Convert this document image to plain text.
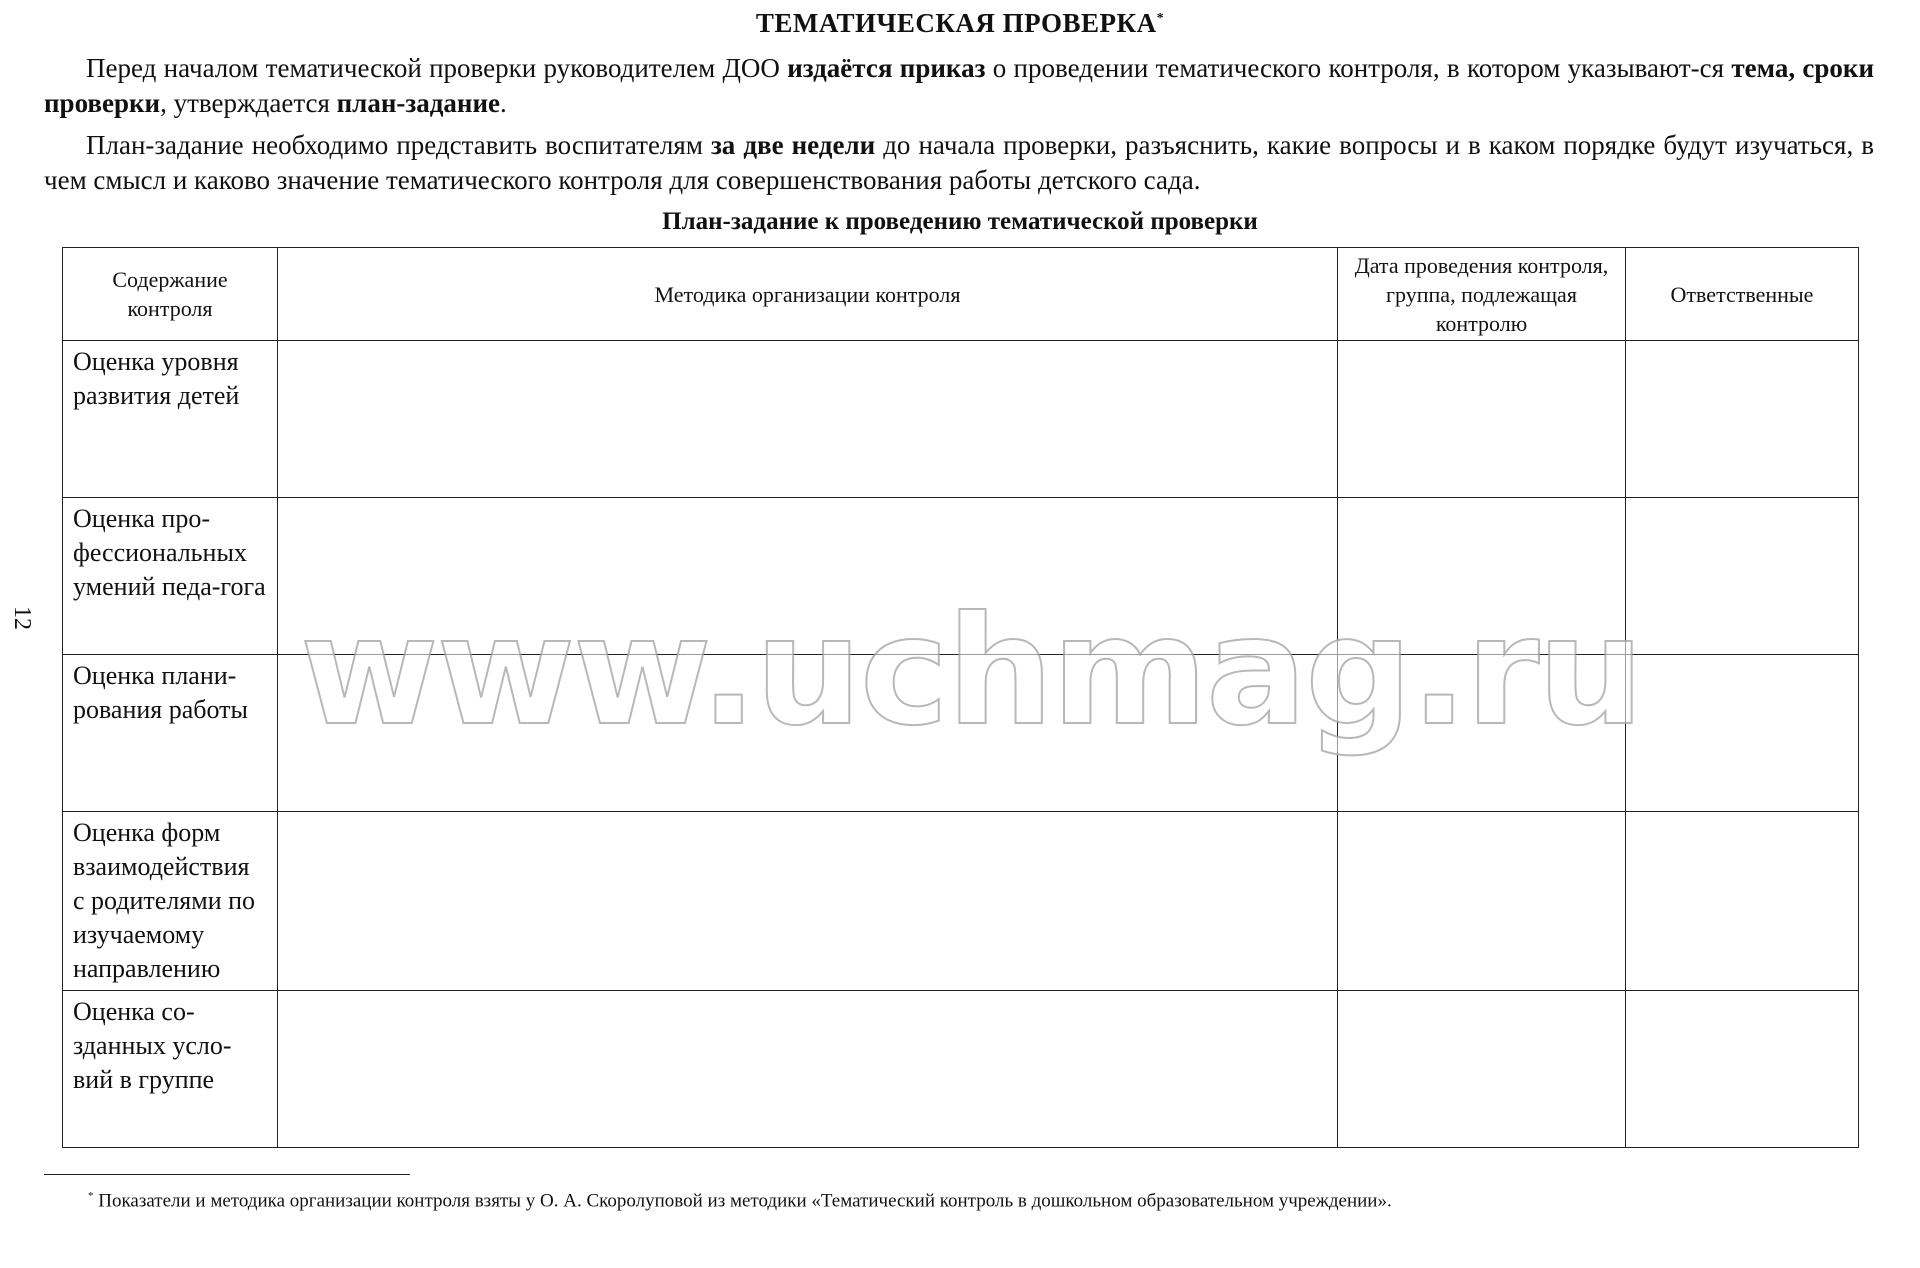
ТЕМАТИЧЕСКАЯ ПРОВЕРКА*
Перед началом тематической проверки руководителем ДОО издаётся приказ о проведении тематического контроля, в котором указывают-ся тема, сроки проверки, утверждается план-задание.
План-задание необходимо представить воспитателям за две недели до начала проверки, разъяснить, какие вопросы и в каком порядке будут изучаться, в чем смысл и каково значение тематического контроля для совершенствования работы детского сада.
План-задание к проведению тематической проверки
12
Содержание контроля	Методика организации контроля	Дата проведения контроля, группа, подлежащая контролю	Ответственные
Оценка уровня развития детей			
Оценка про-фессиональных умений педа-гога			
Оценка плани-рования работы			
Оценка форм взаимодействия с родителями по изучаемому направлению			
Оценка со-зданных усло-вий в группе			
www.uchmag.ru
* Показатели и методика организации контроля взяты у О. А. Скоролуповой из методики «Тематический контроль в дошкольном образовательном учреждении».
